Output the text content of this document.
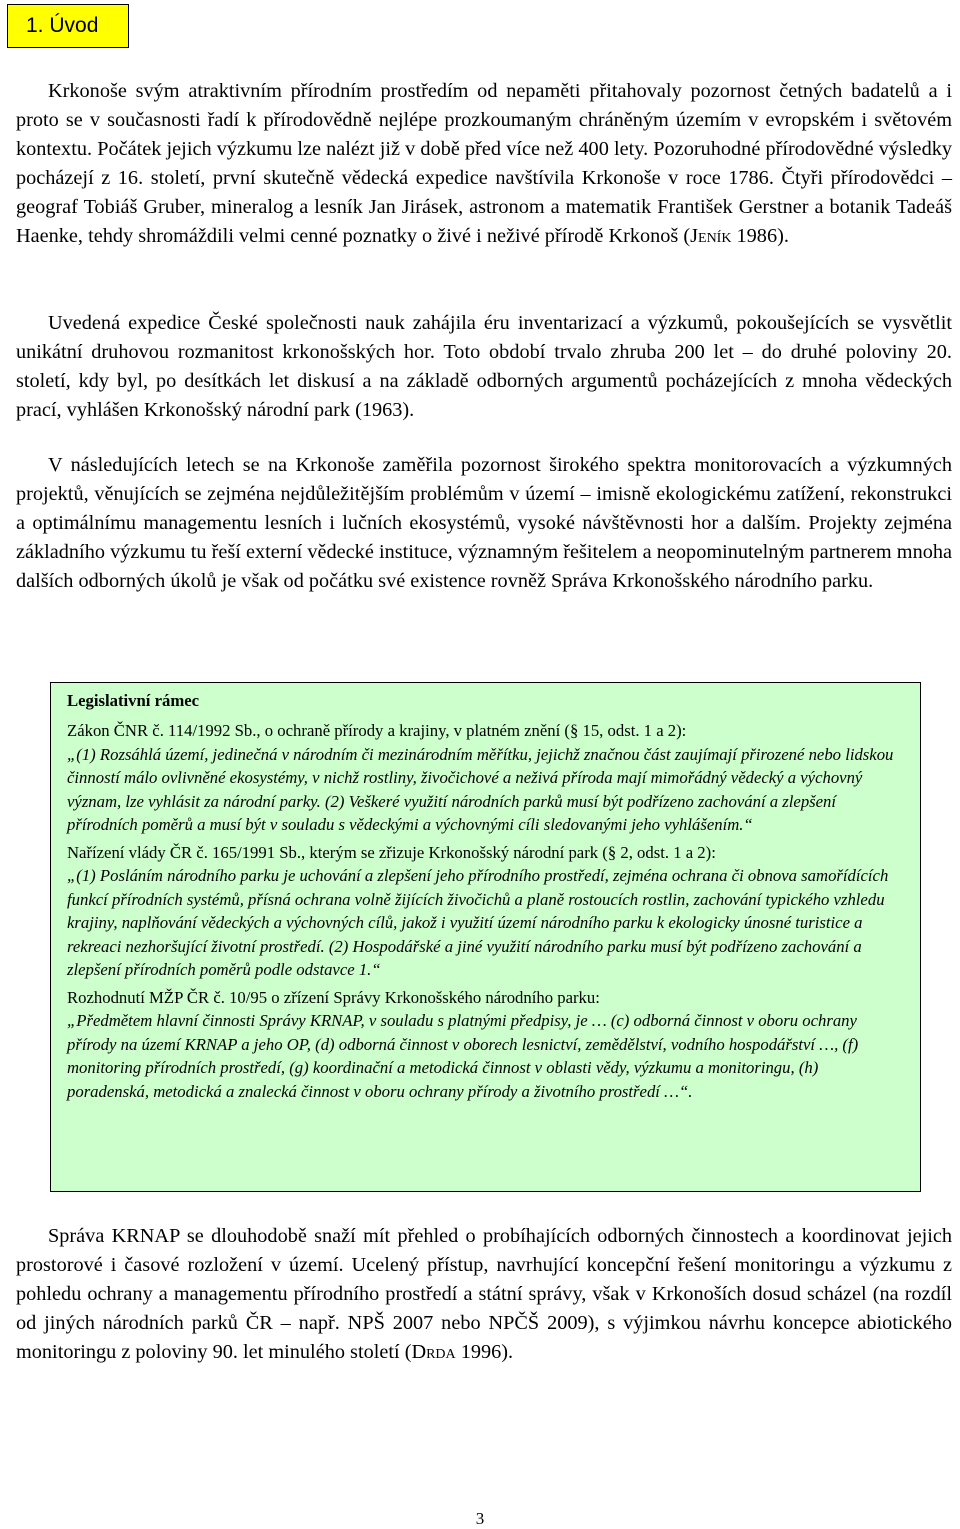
1. Úvod

Krkonoše svým atraktivním přírodním prostředím od nepaměti přitahovaly pozornost četných badatelů a i proto se v současnosti řadí k přírodovědně nejlépe prozkoumaným chráněným územím v evropském i světovém kontextu. Počátek jejich výzkumu lze nalézt již v době před více než 400 lety. Pozoruhodné přírodovědné výsledky pocházejí z 16. století, první skutečně vědecká expedice navštívila Krkonoše v roce 1786. Čtyři přírodovědci – geograf Tobiáš Gruber, mineralog a lesník Jan Jirásek, astronom a matematik František Gerstner a botanik Tadeáš Haenke, tehdy shromáždili velmi cenné poznatky o živé i neživé přírodě Krkonoš (Jeník 1986).

Uvedená expedice České společnosti nauk zahájila éru inventarizací a výzkumů, pokoušejících se vysvětlit unikátní druhovou rozmanitost krkonošských hor. Toto období trvalo zhruba 200 let – do druhé poloviny 20. století, kdy byl, po desítkách let diskusí a na základě odborných argumentů pocházejících z mnoha vědeckých prací, vyhlášen Krkonošský národní park (1963).

V následujících letech se na Krkonoše zaměřila pozornost širokého spektra monitorovacích a výzkumných projektů, věnujících se zejména nejdůležitějším problémům v území – imisně ekologickému zatížení, rekonstrukci a optimálnímu managementu lesních i lučních ekosystémů, vysoké návštěvnosti hor a dalším. Projekty zejména základního výzkumu tu řeší externí vědecké instituce, významným řešitelem a neopominutelným partnerem mnoha dalších odborných úkolů je však od počátku své existence rovněž Správa Krkonošského národního parku.

Legislativní rámec

Zákon ČNR č. 114/1992 Sb., o ochraně přírody a krajiny, v platném znění (§ 15, odst. 1 a 2):

„(1) Rozsáhlá území, jedinečná v národním či mezinárodním měřítku, jejichž značnou část zaujímají přirozené nebo lidskou činností málo ovlivněné ekosystémy, v nichž rostliny, živočichové a neživá příroda mají mimořádný vědecký a výchovný význam, lze vyhlásit za národní parky. (2) Veškeré využití národních parků musí být podřízeno zachování a zlepšení přírodních poměrů a musí být v souladu s vědeckými a výchovnými cíli sledovanými jeho vyhlášením.“

Nařízení vlády ČR č. 165/1991 Sb., kterým se zřizuje Krkonošský národní park (§ 2, odst. 1 a 2):

„(1) Posláním národního parku je uchování a zlepšení jeho přírodního prostředí, zejména ochrana či obnova samořídících funkcí přírodních systémů, přísná ochrana volně žijících živočichů a planě rostoucích rostlin, zachování typického vzhledu krajiny, naplňování vědeckých a výchovných cílů, jakož i využití území národního parku k ekologicky únosné turistice a rekreaci nezhoršující životní prostředí. (2) Hospodářské a jiné využití národního parku musí být podřízeno zachování a zlepšení přírodních poměrů podle odstavce 1.“

Rozhodnutí MŽP ČR č. 10/95 o zřízení Správy Krkonošského národního parku:

„Předmětem hlavní činnosti Správy KRNAP, v souladu s platnými předpisy, je … (c) odborná činnost v oboru ochrany přírody na území KRNAP a jeho OP, (d) odborná činnost v oborech lesnictví, zemědělství, vodního hospodářství …, (f) monitoring přírodních prostředí, (g) koordinační a metodická činnost v oblasti vědy, výzkumu a monitoringu, (h) poradenská, metodická a znalecká činnost v oboru ochrany přírody a životního prostředí …“.

Správa KRNAP se dlouhodobě snaží mít přehled o probíhajících odborných činnostech a koordinovat jejich prostorové i časové rozložení v území. Ucelený přístup, navrhující koncepční řešení monitoringu a výzkumu z pohledu ochrany a managementu přírodního prostředí a státní správy, však v Krkonoších dosud scházel (na rozdíl od jiných národních parků ČR – např. NPŠ 2007 nebo NPČŠ 2009), s výjimkou návrhu koncepce abiotického monitoringu z poloviny 90. let minulého století (Drda 1996).

3
